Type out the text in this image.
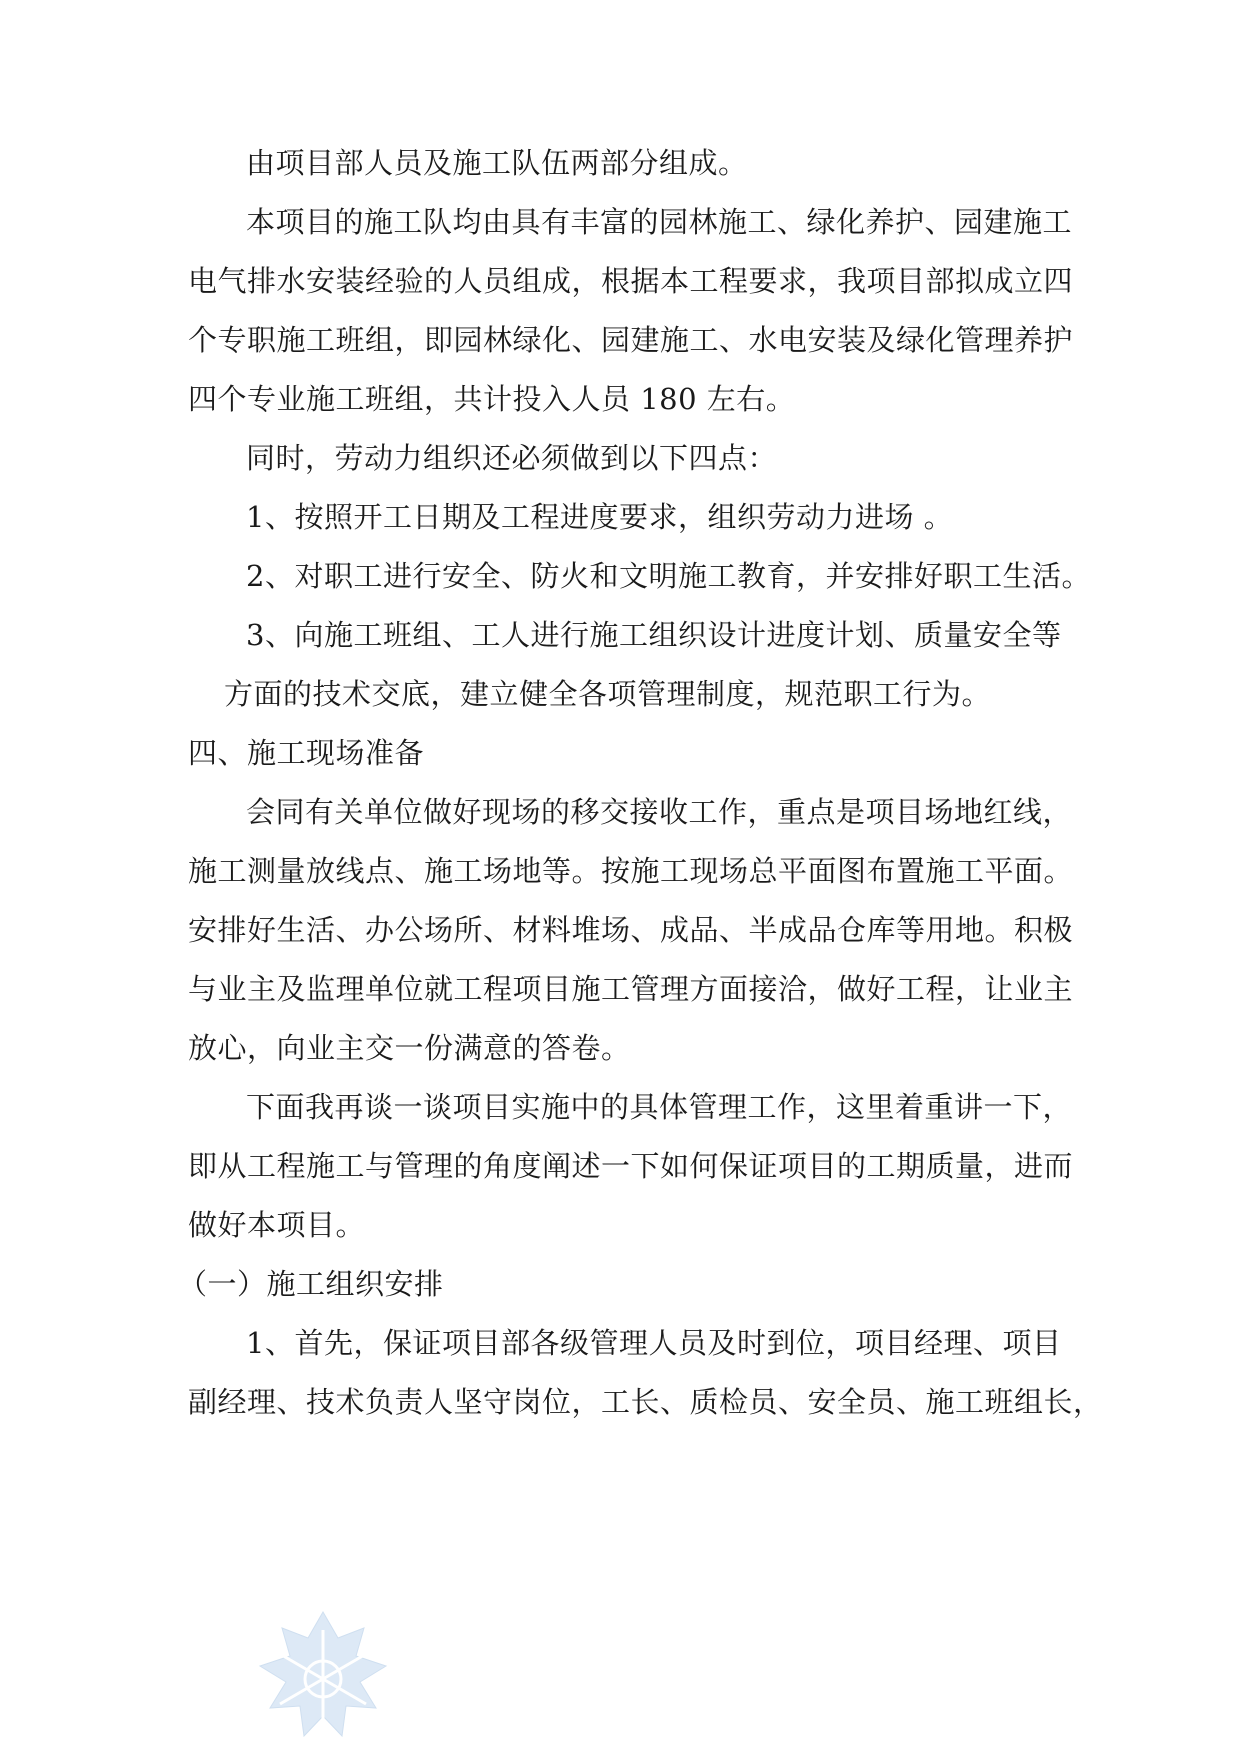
由项目部人员及施工队伍两部分组成。
本项目的施工队均由具有丰富的园林施工、绿化养护、园建施工
电气排水安装经验的人员组成，根据本工程要求，我项目部拟成立四
个专职施工班组，即园林绿化、园建施工、水电安装及绿化管理养护
四个专业施工班组，共计投入人员 180 左右。
同时，劳动力组织还必须做到以下四点：
1、按照开工日期及工程进度要求，组织劳动力进场 。
2、对职工进行安全、防火和文明施工教育，并安排好职工生活。
3、向施工班组、工人进行施工组织设计进度计划、质量安全等
方面的技术交底，建立健全各项管理制度，规范职工行为。
四、施工现场准备
会同有关单位做好现场的移交接收工作，重点是项目场地红线，
施工测量放线点、施工场地等。按施工现场总平面图布置施工平面。
安排好生活、办公场所、材料堆场、成品、半成品仓库等用地。积极
与业主及监理单位就工程项目施工管理方面接洽，做好工程，让业主
放心，向业主交一份满意的答卷。
下面我再谈一谈项目实施中的具体管理工作，这里着重讲一下，
即从工程施工与管理的角度阐述一下如何保证项目的工期质量，进而
做好本项目。
（一）施工组织安排
1、首先，保证项目部各级管理人员及时到位，项目经理、项目
副经理、技术负责人坚守岗位，工长、质检员、安全员、施工班组长，
